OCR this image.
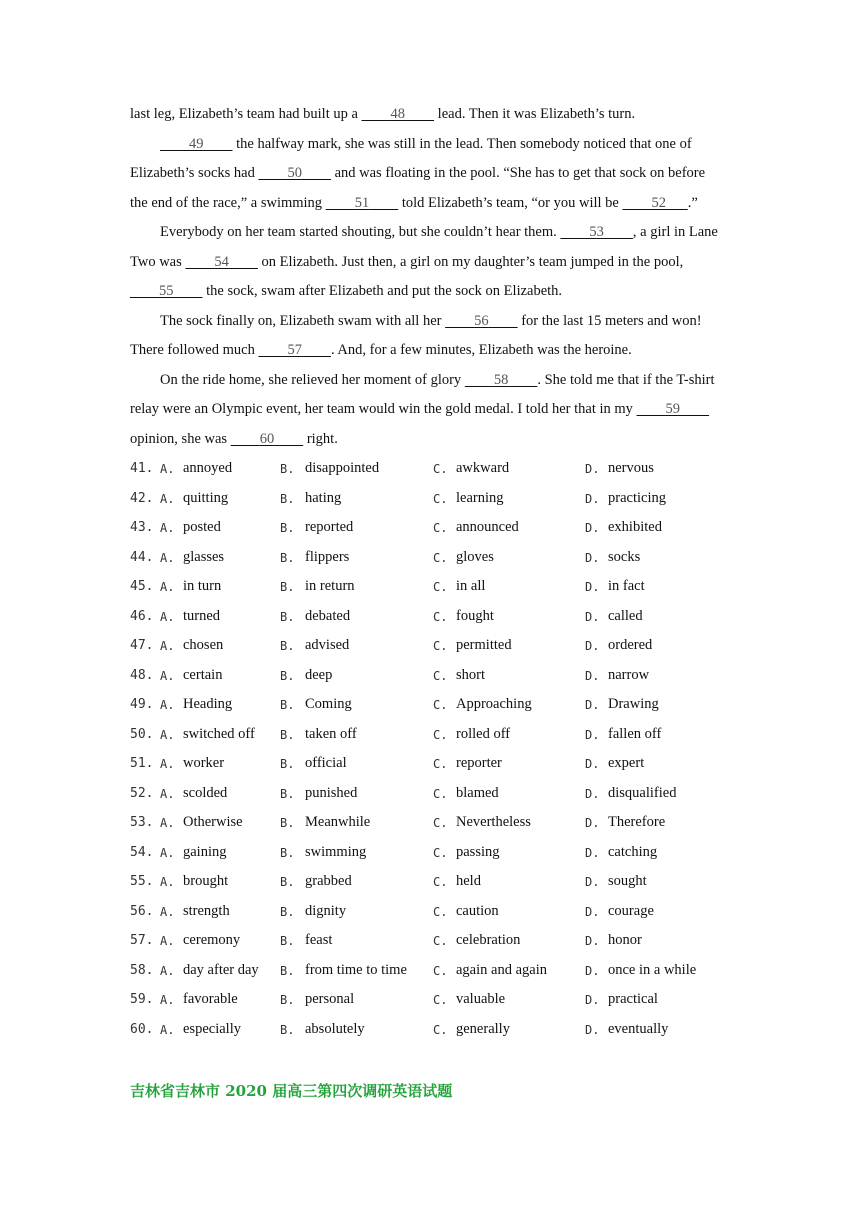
last leg, Elizabeth’s team had built up a 48 lead. Then it was Elizabeth’s turn.
49 the halfway mark, she was still in the lead. Then somebody noticed that one of
Elizabeth’s socks had 50 and was floating in the pool. “She has to get that sock on before
the end of the race,” a swimming 51 told Elizabeth’s team, “or you will be 52 .”
Everybody on her team started shouting, but she couldn’t hear them. 53 , a girl in Lane
Two was 54 on Elizabeth. Just then, a girl on my daughter’s team jumped in the pool,
55 the sock, swam after Elizabeth and put the sock on Elizabeth.
The sock finally on, Elizabeth swam with all her 56 for the last 15 meters and won!
There followed much 57 . And, for a few minutes, Elizabeth was the heroine.
On the ride home, she relieved her moment of glory 58 . She told me that if the T-shirt
relay were an Olympic event, her team would win the gold medal. I told her that in my 59
opinion, she was 60 right.
41. A. annoyed	B. disappointed	C. awkward	D. nervous
42. A. quitting	B. hating	C. learning	D. practicing
43. A. posted	B. reported	C. announced	D. exhibited
44. A. glasses	B. flippers	C. gloves	D. socks
45. A. in turn	B. in return	C. in all	D. in fact
46. A. turned	B. debated	C. fought	D. called
47. A. chosen	B. advised	C. permitted	D. ordered
48. A. certain	B. deep	C. short	D. narrow
49. A. Heading	B. Coming	C. Approaching	D. Drawing
50. A. switched off B. taken off	C. rolled off	D. fallen off
51. A. worker	B. official	C. reporter	D. expert
52. A. scolded	B. punished	C. blamed	D. disqualified
53. A. Otherwise	B. Meanwhile	C. Nevertheless	D. Therefore
54. A. gaining	B. swimming	C. passing	D. catching
55. A. brought	B. grabbed	C. held	D. sought
56. A. strength	B. dignity	C. caution	D. courage
57. A. ceremony	B. feast	C. celebration	D. honor
58. A. day after day B. from time to time C. again and again	D. once in a while
59. A. favorable	B. personal	C. valuable	D. practical
60. A. especially	B. absolutely	C. generally	D. eventually
吉林省吉林市 2020 届高三第四次调研英语试题
